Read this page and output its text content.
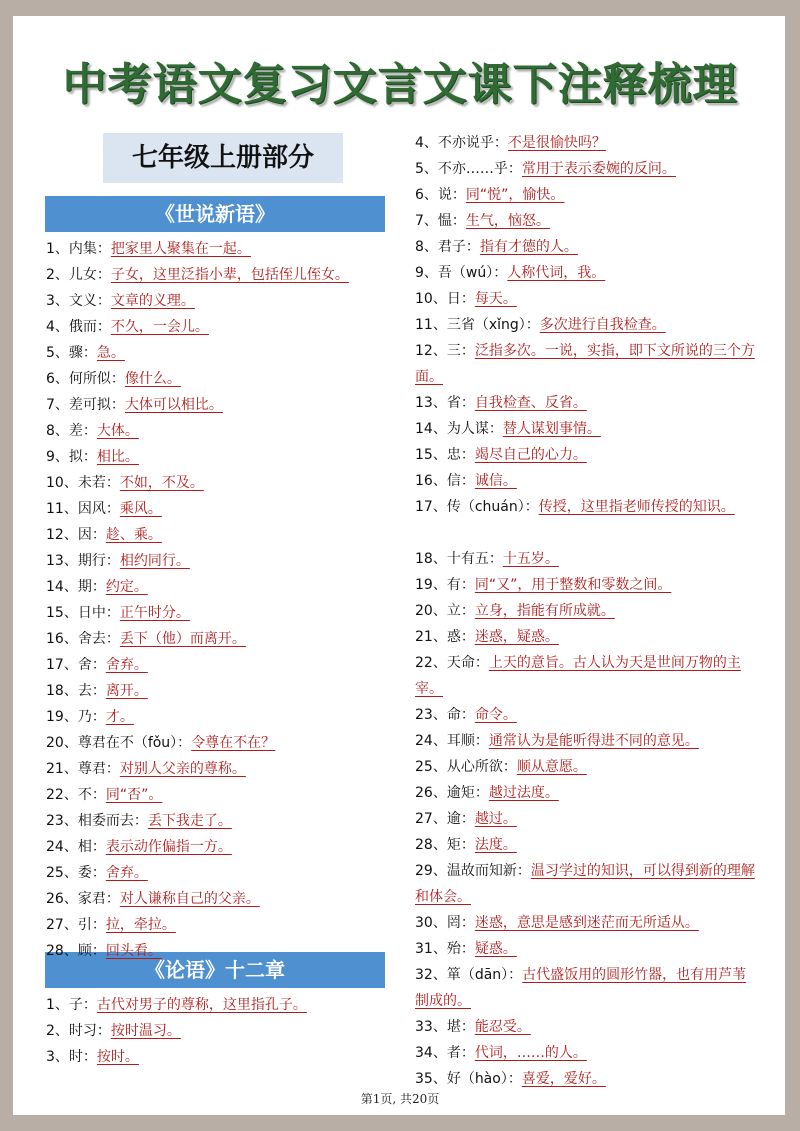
中考语文复习文言文课下注释梳理
七年级上册部分
《世说新语》
《论语》十二章
1、内集：把家里人聚集在一起。
2、儿女：子女，这里泛指小辈，包括侄儿侄女。
3、文义：文章的义理。
4、俄而：不久，一会儿。
5、骤：急。
6、何所似：像什么。
7、差可拟：大体可以相比。
8、差：大体。
9、拟：相比。
10、未若：不如，不及。
11、因风：乘风。
12、因：趁、乘。
13、期行：相约同行。
14、期：约定。
15、日中：正午时分。
16、舍去：丢下（他）而离开。
17、舍：舍弃。
18、去：离开。
19、乃：才。
20、尊君在不（fǒu）：令尊在不在？
21、尊君：对别人父亲的尊称。
22、不：同“否”。
23、相委而去：丢下我走了。
24、相：表示动作偏指一方。
25、委：舍弃。
26、家君：对人谦称自己的父亲。
27、引：拉，牵拉。
28、顾：回头看。
1、子：古代对男子的尊称，这里指孔子。
2、时习：按时温习。
3、时：按时。
4、不亦说乎：不是很愉快吗？
5、不亦……乎：常用于表示委婉的反问。
6、说：同“悦”，愉快。
7、愠：生气，恼怒。
8、君子：指有才德的人。
9、吾（wú）：人称代词，我。
10、日：每天。
11、三省（xǐng）：多次进行自我检查。
12、三：泛指多次。一说，实指，即下文所说的三个方面。
13、省：自我检查、反省。
14、为人谋：替人谋划事情。
15、忠：竭尽自己的心力。
16、信：诚信。
17、传（chuán）：传授，这里指老师传授的知识。
18、十有五：十五岁。
19、有：同“又”，用于整数和零数之间。
20、立：立身，指能有所成就。
21、惑：迷惑，疑惑。
22、天命：上天的意旨。古人认为天是世间万物的主宰。
23、命：命令。
24、耳顺：通常认为是能听得进不同的意见。
25、从心所欲：顺从意愿。
26、逾矩：越过法度。
27、逾：越过。
28、矩：法度。
29、温故而知新：温习学过的知识，可以得到新的理解和体会。
30、罔：迷惑，意思是感到迷茫而无所适从。
31、殆：疑惑。
32、箪（dān）：古代盛饭用的圆形竹器，也有用芦苇制成的。
33、堪：能忍受。
34、者：代词，……的人。
35、好（hào）：喜爱，爱好。
第1页, 共20页
